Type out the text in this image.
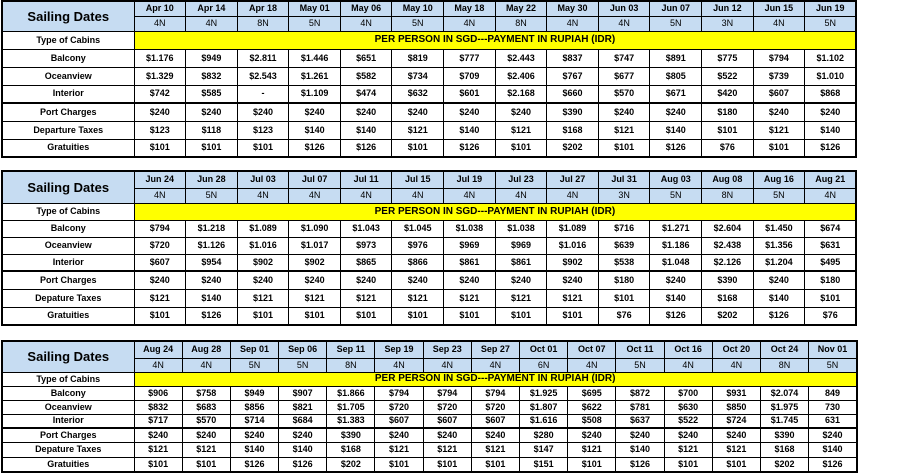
Sailing Dates	Apr 10	Apr 14	Apr 18	May 01	May 06	May 10	May 18	May 22	May 30	Jun 03	Jun 07	Jun 12	Jun 15	Jun 19
	4N	4N	8N	5N	4N	5N	4N	8N	4N	4N	5N	3N	4N	5N
Type of Cabins	PER PERSON IN SGD---PAYMENT IN RUPIAH (IDR)													
Balcony	$1.176	$949	$2.811	$1.446	$651	$819	$777	$2.443	$837	$747	$891	$775	$794	$1.102
Oceanview	$1.329	$832	$2.543	$1.261	$582	$734	$709	$2.406	$767	$677	$805	$522	$739	$1.010
Interior	$742	$585	-	$1.109	$474	$632	$601	$2.168	$660	$570	$671	$420	$607	$868
Port Charges	$240	$240	$240	$240	$240	$240	$240	$240	$390	$240	$240	$180	$240	$240
Departure Taxes	$123	$118	$123	$140	$140	$121	$140	$121	$168	$121	$140	$101	$121	$140
Gratuities	$101	$101	$101	$126	$126	$101	$126	$101	$202	$101	$126	$76	$101	$126
Sailing Dates	Jun 24	Jun 28	Jul 03	Jul 07	Jul 11	Jul 15	Jul 19	Jul 23	Jul 27	Jul 31	Aug 03	Aug 08	Aug 16	Aug 21
	4N	5N	4N	4N	4N	4N	4N	4N	4N	3N	5N	8N	5N	4N
Type of Cabins	PER PERSON IN SGD---PAYMENT IN RUPIAH (IDR)													
Balcony	$794	$1.218	$1.089	$1.090	$1.043	$1.045	$1.038	$1.038	$1.089	$716	$1.271	$2.604	$1.450	$674
Oceanview	$720	$1.126	$1.016	$1.017	$973	$976	$969	$969	$1.016	$639	$1.186	$2.438	$1.356	$631
Interior	$607	$954	$902	$902	$865	$866	$861	$861	$902	$538	$1.048	$2.126	$1.204	$495
Port Charges	$240	$240	$240	$240	$240	$240	$240	$240	$240	$180	$240	$390	$240	$180
Depature Taxes	$121	$140	$121	$121	$121	$121	$121	$121	$121	$101	$140	$168	$140	$101
Gratuities	$101	$126	$101	$101	$101	$101	$101	$101	$101	$76	$126	$202	$126	$76
Sailing Dates	Aug 24	Aug 28	Sep 01	Sep 06	Sep 11	Sep 19	Sep 23	Sep 27	Oct 01	Oct 07	Oct 11	Oct 16	Oct 20	Oct 24	Nov 01
	4N	4N	5N	5N	8N	4N	4N	4N	6N	4N	5N	4N	4N	8N	5N
Type of Cabins	PER PERSON IN SGD---PAYMENT IN RUPIAH (IDR)														
Balcony	$906	$758	$949	$907	$1.866	$794	$794	$794	$1.925	$695	$872	$700	$931	$2.074	849
Oceanview	$832	$683	$856	$821	$1.705	$720	$720	$720	$1.807	$622	$781	$630	$850	$1.975	730
Interior	$717	$570	$714	$684	$1.383	$607	$607	$607	$1.616	$508	$637	$522	$724	$1.745	631
Port Charges	$240	$240	$240	$240	$390	$240	$240	$240	$280	$240	$240	$240	$240	$390	$240
Depature Taxes	$121	$121	$140	$140	$168	$121	$121	$121	$147	$121	$140	$121	$121	$168	$140
Gratuities	$101	$101	$126	$126	$202	$101	$101	$101	$151	$101	$126	$101	$101	$202	$126
